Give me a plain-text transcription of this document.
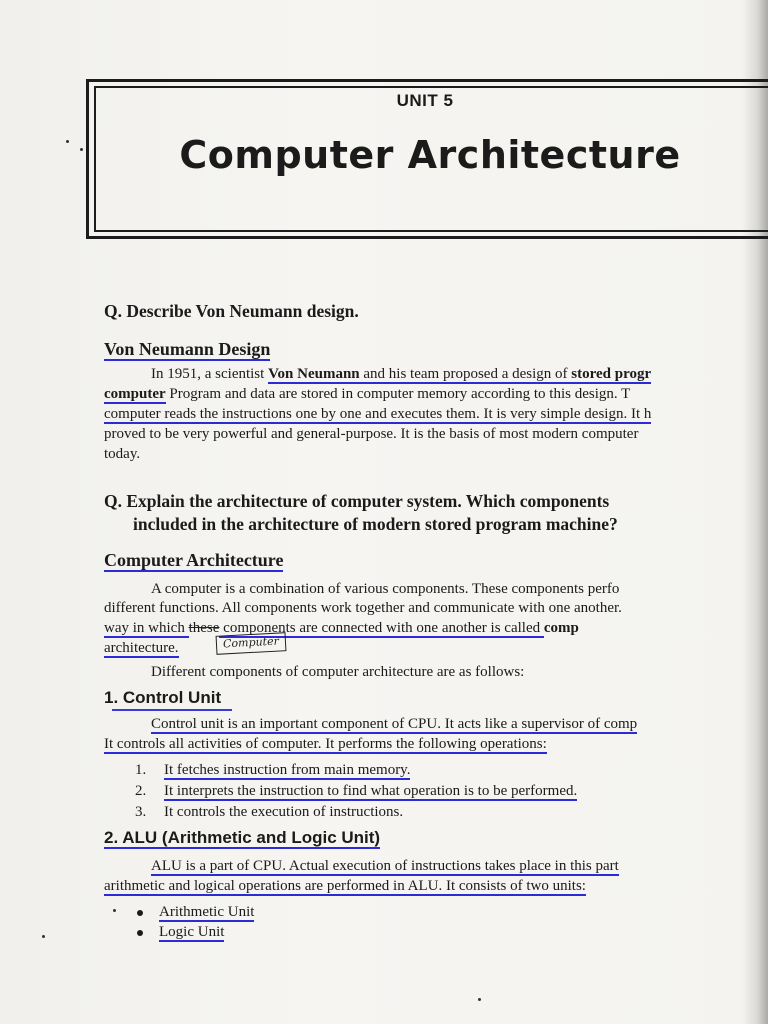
UNIT 5
Computer Architecture
Q. Describe Von Neumann design.
Von Neumann Design
In 1951, a scientist Von Neumann and his team proposed a design of stored progr
computer Program and data are stored in computer memory according to this design. T
computer reads the instructions one by one and executes them. It is very simple design. It h
proved to be very powerful and general-purpose. It is the basis of most modern computer
today.
Q. Explain the architecture of computer system. Which components
included in the architecture of modern stored program machine?
Computer Architecture
A computer is a combination of various components. These components perfo
different functions. All components work together and communicate with one another.
way in which these components are connected with one another is called comp
architecture.	Computer
Different components of computer architecture are as follows:
1. Control Unit
Control unit is an important component of CPU. It acts like a supervisor of comp
It controls all activities of computer. It performs the following operations:
1. It fetches instruction from main memory.
2. It interprets the instruction to find what operation is to be performed.
3. It controls the execution of instructions.
2. ALU (Arithmetic and Logic Unit)
ALU is a part of CPU. Actual execution of instructions takes place in this part
arithmetic and logical operations are performed in ALU. It consists of two units:
Arithmetic Unit
Logic Unit
